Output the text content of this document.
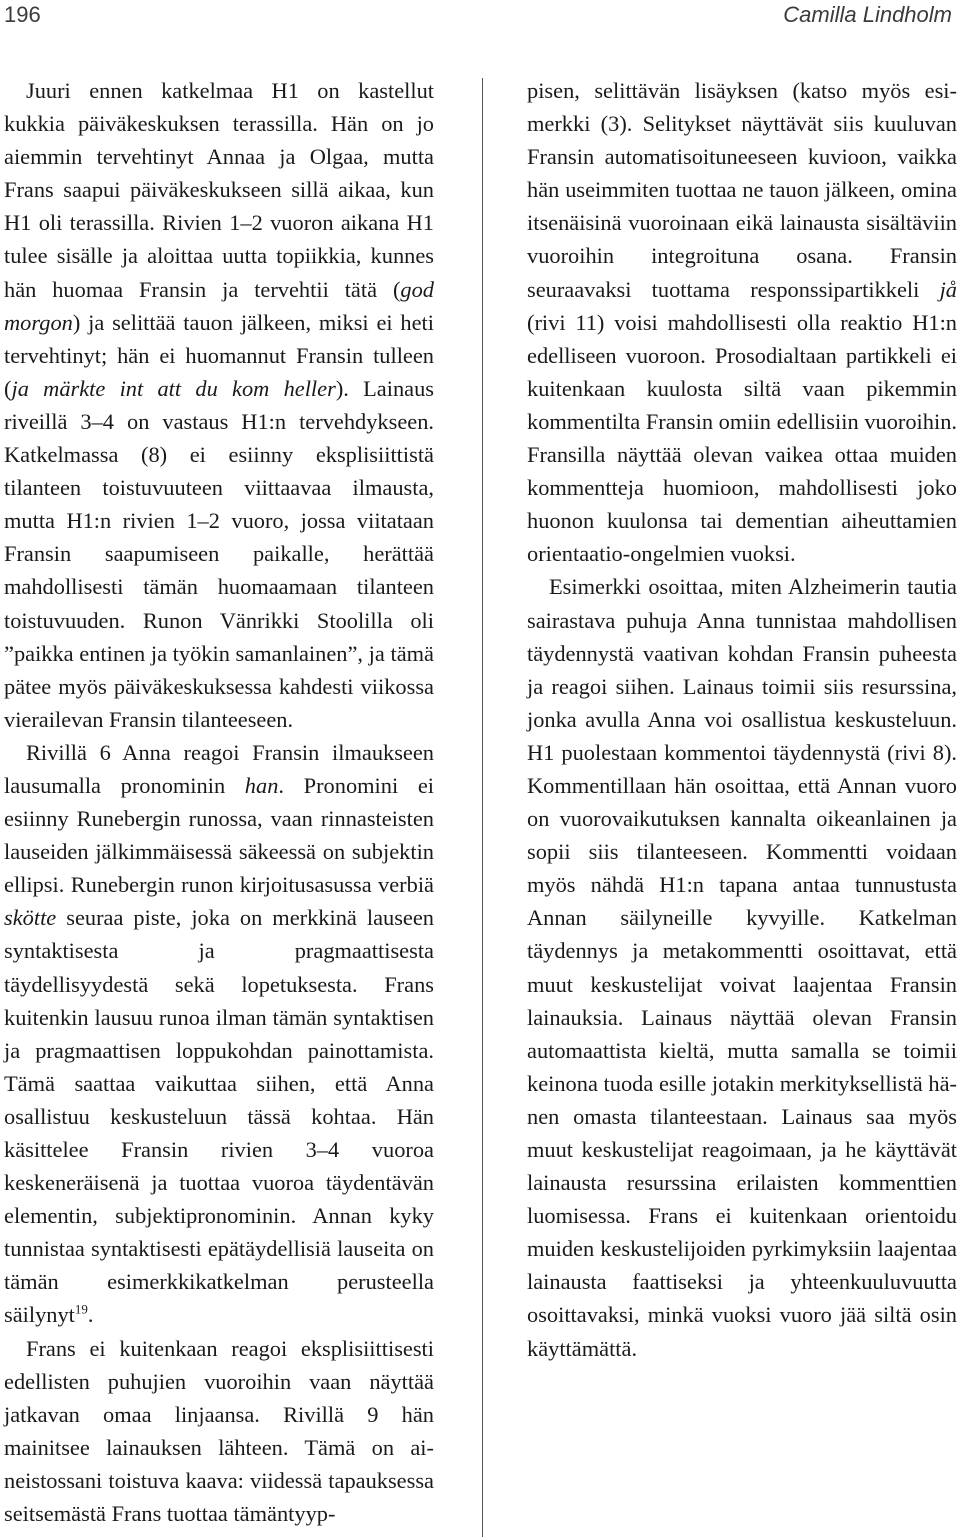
196	Camilla Lindholm

Juuri ennen katkelmaa H1 on kastellut kukkia päiväkeskuksen terassilla. Hän on jo aiemmin tervehtinyt Annaa ja Olgaa, mutta Frans saapui päiväkeskukseen sillä aikaa, kun H1 oli terassilla. Rivien 1–2 vuoron aikana H1 tulee sisälle ja aloittaa uutta topiikkia, kunnes hän huomaa Fransin ja tervehtii tätä (god morgon) ja selittää tauon jälkeen, miksi ei heti tervehtinyt; hän ei huomannut Fransin tulleen (ja märkte int att du kom heller). Lainaus riveillä 3–4 on vastaus H1:n tervehdykseen. Katkelmassa (8) ei esiinny eksplisiittistä tilanteen toistuvuuteen viittaavaa ilmausta, mutta H1:n rivien 1–2 vuoro, jossa viitataan Fransin saapumiseen paikalle, herättää mahdollisesti tämän huomaamaan tilanteen toistuvuuden. Runon Vänrikki Stoolilla oli ”paikka entinen ja työkin samanlainen”, ja tämä pätee myös päiväkeskuksessa kahdesti viikossa vierailevan Fransin tilanteeseen.

Rivillä 6 Anna reagoi Fransin ilmaukseen lausumalla pronominin han. Pronomini ei esiinny Runebergin runossa, vaan rinnasteisten lauseiden jälkimmäisessä säkeessä on subjektin ellipsi. Runebergin runon kirjoitusasussa verbiä skötte seuraa piste, joka on merkkinä lauseen syntaktisesta ja pragmaattisesta täydellisyydestä sekä lopetuksesta. Frans kuitenkin lausuu runoa ilman tämän syntaktisen ja pragmaattisen loppukohdan painottamista. Tämä saattaa vaikuttaa siihen, että Anna osallistuu keskusteluun tässä kohtaa. Hän käsittelee Fransin rivien 3–4 vuoroa keskeneräisenä ja tuottaa vuoroa täydentävän elementin, subjektipronominin. Annan kyky tunnistaa syntaktisesti epätäydellisiä lauseita on tämän esimerkkikatkelman perusteella säilynyt$^{19}$.

Frans ei kuitenkaan reagoi eksplisiittisesti edellisten puhujien vuoroihin vaan näyttää jatkavan omaa linjaansa. Rivillä 9 hän mainitsee lainauksen lähteen. Tämä on aineistossani toistuva kaava: viidessä tapauksessa seitsemästä Frans tuottaa tämäntyyp-

pisen, selittävän lisäyksen (katso myös esimerkki (3). Selitykset näyttävät siis kuuluvan Fransin automatisoituneeseen kuvioon, vaikka hän useimmiten tuottaa ne tauon jälkeen, omina itsenäisinä vuoroinaan eikä lainausta sisältäviin vuoroihin integroituna osana. Fransin seuraavaksi tuottama responssipartikkeli jå (rivi 11) voisi mahdollisesti olla reaktio H1:n edelliseen vuoroon. Prosodialtaan partikkeli ei kuitenkaan kuulosta siltä vaan pikemmin kommentilta Fransin omiin edellisiin vuoroihin. Fransilla näyttää olevan vaikea ottaa muiden kommentteja huomioon, mahdollisesti joko huonon kuulonsa tai dementian aiheuttamien orientaatio-ongelmien vuoksi.

Esimerkki osoittaa, miten Alzheimerin tautia sairastava puhuja Anna tunnistaa mahdollisen täydennystä vaativan kohdan Fransin puheesta ja reagoi siihen. Lainaus toimii siis resurssina, jonka avulla Anna voi osallistua keskusteluun. H1 puolestaan kommentoi täydennystä (rivi 8). Kommentillaan hän osoittaa, että Annan vuoro on vuorovaikutuksen kannalta oikeanlainen ja sopii siis tilanteeseen. Kommentti voidaan myös nähdä H1:n tapana antaa tunnustusta Annan säilyneille kyvyille. Katkelman täydennys ja metakommentti osoittavat, että muut keskustelijat voivat laajentaa Fransin lainauksia. Lainaus näyttää olevan Fransin automaattista kieltä, mutta samalla se toimii keinona tuoda esille jotakin merkityksellistä hänen omasta tilanteestaan. Lainaus saa myös muut keskustelijat reagoimaan, ja he käyttävät lainausta resurssina erilaisten kommenttien luomisessa. Frans ei kuitenkaan orientoidu muiden keskustelijoiden pyrkimyksiin laajentaa lainausta faattiseksi ja yhteenkuuluvuutta osoittavaksi, minkä vuoksi vuoro jää siltä osin käyttämättä.
